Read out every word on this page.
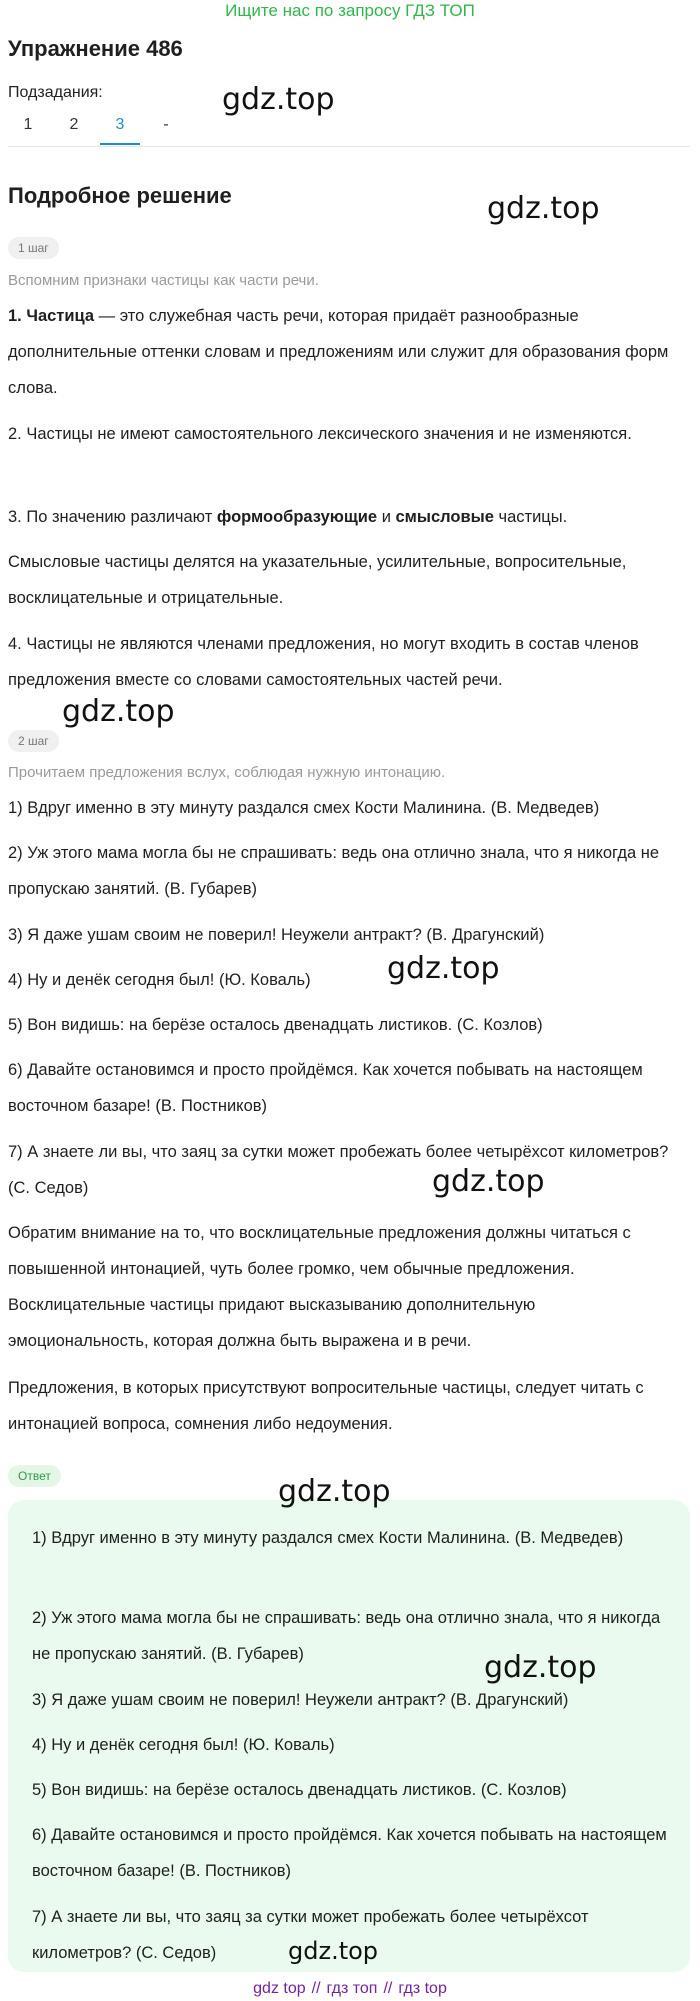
Ищите нас по запросу ГДЗ ТОП
Упражнение 486
Подзадания:
1	2	3	-
Подробное решение
1 шаг
Вспомним признаки частицы как части речи.
1. Частица — это служебная часть речи, которая придаёт разнообразные дополнительные оттенки словам и предложениям или служит для образования форм слова.
2. Частицы не имеют самостоятельного лексического значения и не изменяются.
3. По значению различают формообразующие и смысловые частицы.
Смысловые частицы делятся на указательные, усилительные, вопросительные, восклицательные и отрицательные.
4. Частицы не являются членами предложения, но могут входить в состав членов предложения вместе со словами самостоятельных частей речи.
2 шаг
Прочитаем предложения вслух, соблюдая нужную интонацию.
1) Вдруг именно в эту минуту раздался смех Кости Малинина. (В. Медведев)
2) Уж этого мама могла бы не спрашивать: ведь она отлично знала, что я никогда не пропускаю занятий. (В. Губарев)
3) Я даже ушам своим не поверил! Неужели антракт? (В. Драгунский)
4) Ну и денёк сегодня был! (Ю. Коваль)
5) Вон видишь: на берёзе осталось двенадцать листиков. (С. Козлов)
6) Давайте остановимся и просто пройдёмся. Как хочется побывать на настоящем восточном базаре! (В. Постников)
7) А знаете ли вы, что заяц за сутки может пробежать более четырёхсот километров? (С. Седов)
Обратим внимание на то, что восклицательные предложения должны читаться с повышенной интонацией, чуть более громко, чем обычные предложения. Восклицательные частицы придают высказыванию дополнительную эмоциональность, которая должна быть выражена и в речи.
Предложения, в которых присутствуют вопросительные частицы, следует читать с интонацией вопроса, сомнения либо недоумения.
Ответ
1) Вдруг именно в эту минуту раздался смех Кости Малинина. (В. Медведев)
2) Уж этого мама могла бы не спрашивать: ведь она отлично знала, что я никогда не пропускаю занятий. (В. Губарев)
3) Я даже ушам своим не поверил! Неужели антракт? (В. Драгунский)
4) Ну и денёк сегодня был! (Ю. Коваль)
5) Вон видишь: на берёзе осталось двенадцать листиков. (С. Козлов)
6) Давайте остановимся и просто пройдёмся. Как хочется побывать на настоящем восточном базаре! (В. Постников)
7) А знаете ли вы, что заяц за сутки может пробежать более четырёхсот километров? (С. Седов)
gdz.top
gdz.top
gdz.top
gdz.top
gdz.top
gdz.top
gdz.top
gdz.top
gdz top // гдз топ // гдз top
